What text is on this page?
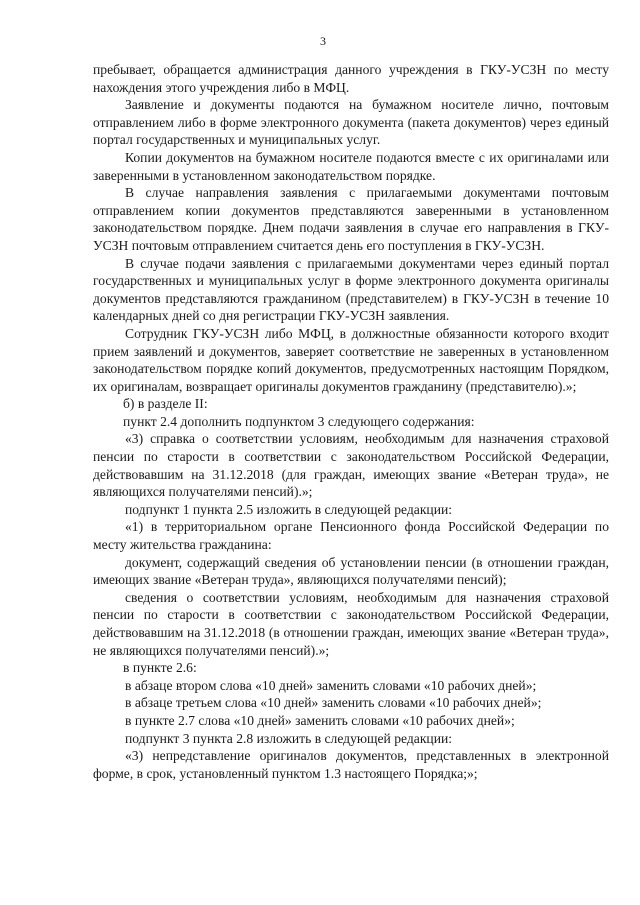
3

пребывает, обращается администрация данного учреждения в ГКУ-УСЗН по месту нахождения этого учреждения либо в МФЦ.

Заявление и документы подаются на бумажном носителе лично, почтовым отправлением либо в форме электронного документа (пакета документов) через единый портал государственных и муниципальных услуг.

Копии документов на бумажном носителе подаются вместе с их оригиналами или заверенными в установленном законодательством порядке.

В случае направления заявления с прилагаемыми документами почтовым отправлением копии документов представляются заверенными в установленном законодательством порядке. Днем подачи заявления в случае его направления в ГКУ-УСЗН почтовым отправлением считается день его поступления в ГКУ-УСЗН.

В случае подачи заявления с прилагаемыми документами через единый портал государственных и муниципальных услуг в форме электронного документа оригиналы документов представляются гражданином (представителем) в ГКУ-УСЗН в течение 10 календарных дней со дня регистрации ГКУ-УСЗН заявления.

Сотрудник ГКУ-УСЗН либо МФЦ, в должностные обязанности которого входит прием заявлений и документов, заверяет соответствие не заверенных в установленном законодательством порядке копий документов, предусмотренных настоящим Порядком, их оригиналам, возвращает оригиналы документов гражданину (представителю).»;

б) в разделе II:

пункт 2.4 дополнить подпунктом 3 следующего содержания:

«3) справка о соответствии условиям, необходимым для назначения страховой пенсии по старости в соответствии с законодательством Российской Федерации, действовавшим на 31.12.2018 (для граждан, имеющих звание «Ветеран труда», не являющихся получателями пенсий).»;

подпункт 1 пункта 2.5 изложить в следующей редакции:

«1) в территориальном органе Пенсионного фонда Российской Федерации по месту жительства гражданина:

документ, содержащий сведения об установлении пенсии (в отношении граждан, имеющих звание «Ветеран труда», являющихся получателями пенсий);

сведения о соответствии условиям, необходимым для назначения страховой пенсии по старости в соответствии с законодательством Российской Федерации, действовавшим на 31.12.2018 (в отношении граждан, имеющих звание «Ветеран труда», не являющихся получателями пенсий).»;

в пункте 2.6:

в абзаце втором слова «10 дней» заменить словами «10 рабочих дней»;

в абзаце третьем слова «10 дней» заменить словами «10 рабочих дней»;

в пункте 2.7 слова «10 дней» заменить словами «10 рабочих дней»;

подпункт 3 пункта 2.8 изложить в следующей редакции:

«3) непредставление оригиналов документов, представленных в электронной форме, в срок, установленный пунктом 1.3 настоящего Порядка;»;
